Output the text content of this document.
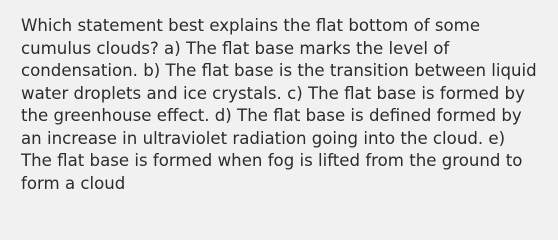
Which statement best explains the flat bottom of some cumulus clouds? a) The flat base marks the level of condensation. b) The flat base is the transition between liquid water droplets and ice crystals. c) The flat base is formed by the greenhouse effect. d) The flat base is defined formed by an increase in ultraviolet radiation going into the cloud. e) The flat base is formed when fog is lifted from the ground to form a cloud
